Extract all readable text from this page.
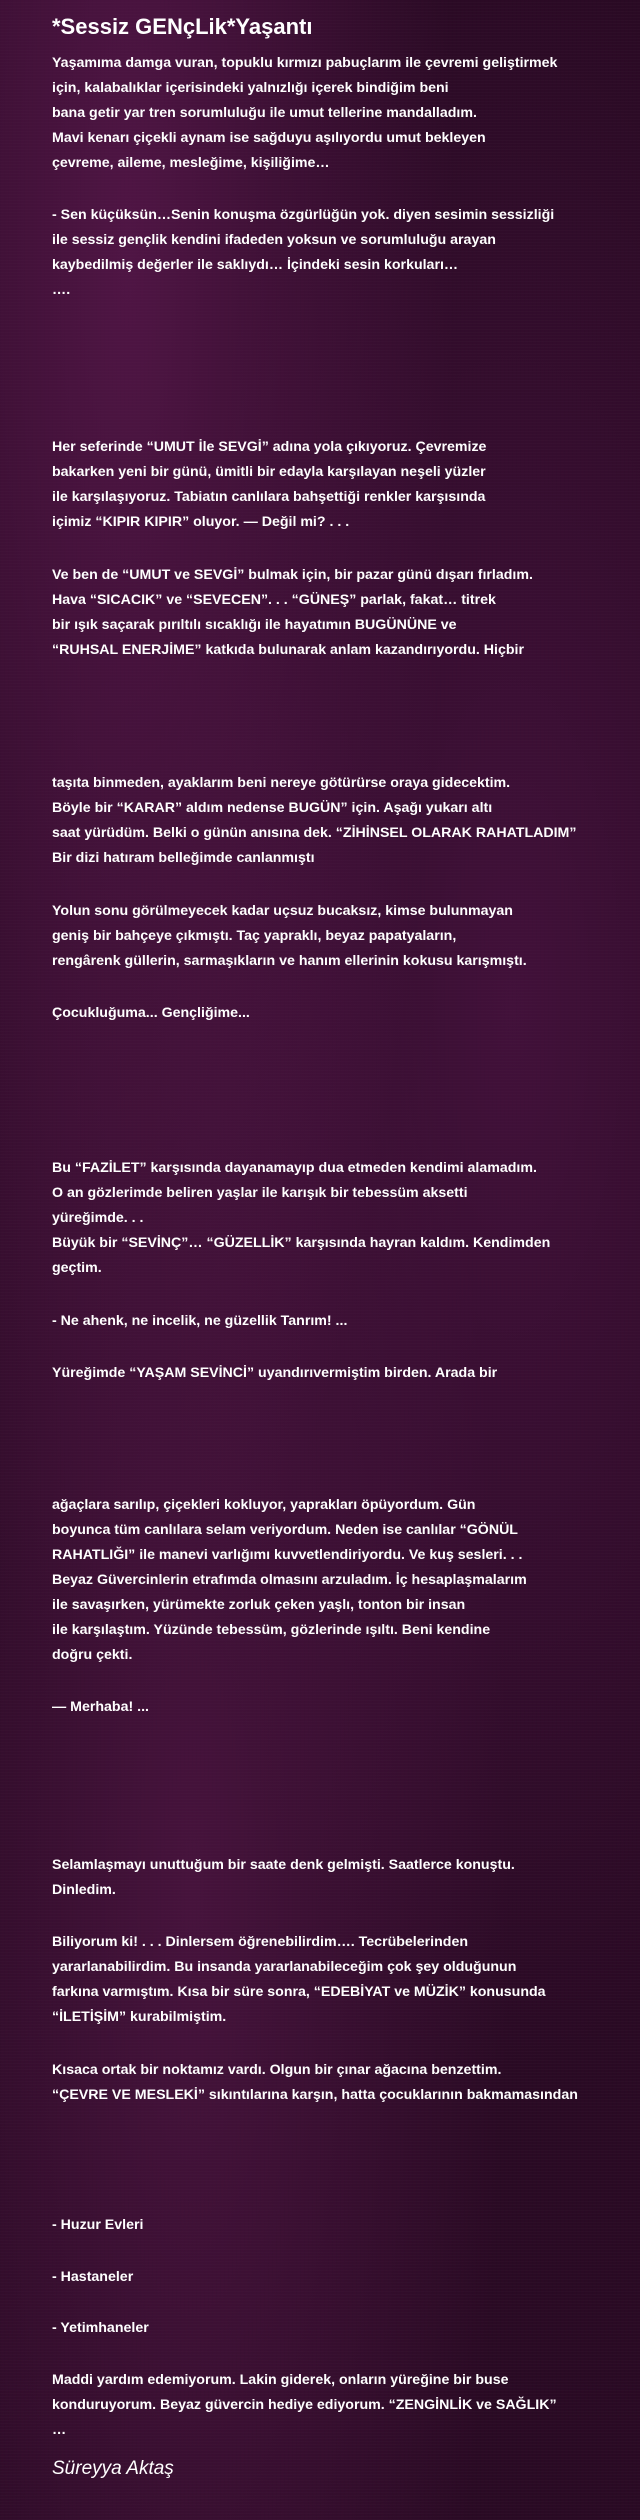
*Sessiz GENçLik*Yaşantı
Yaşamıma damga vuran, topuklu kırmızı pabuçlarım ile çevremi geliştirmek
için, kalabalıklar içerisindeki yalnızlığı içerek bindiğim beni
bana getir yar tren sorumluluğu ile umut tellerine mandalladım.
Mavi kenarı çiçekli aynam ise sağduyu aşılıyordu umut bekleyen
çevreme, aileme, mesleğime, kişiliğime…
- Sen küçüksün…Senin konuşma özgürlüğün yok. diyen sesimin sessizliği
ile sessiz gençlik kendini ifadeden yoksun ve sorumluluğu arayan
kaybedilmiş değerler ile saklıydı… İçindeki sesin korkuları…
….
Her seferinde “UMUT İle SEVGİ” adına yola çıkıyoruz. Çevremize
bakarken yeni bir günü, ümitli bir edayla karşılayan neşeli yüzler
ile karşılaşıyoruz. Tabiatın canlılara bahşettiği renkler karşısında
içimiz “KIPIR KIPIR” oluyor. — Değil mi? . . .
Ve ben de “UMUT ve SEVGİ” bulmak için, bir pazar günü dışarı fırladım.
Hava “SICACIK” ve “SEVECEN”. . . “GÜNEŞ” parlak, fakat… titrek
bir ışık saçarak pırıltılı sıcaklığı ile hayatımın BUGÜNÜNE ve
“RUHSAL ENERJİME” katkıda bulunarak anlam kazandırıyordu. Hiçbir
taşıta binmeden, ayaklarım beni nereye götürürse oraya gidecektim.
Böyle bir “KARAR” aldım nedense BUGÜN” için. Aşağı yukarı altı
saat yürüdüm. Belki o günün anısına dek. “ZİHİNSEL OLARAK RAHATLADIM”
Bir dizi hatıram belleğimde canlanmıştı
Yolun sonu görülmeyecek kadar uçsuz bucaksız, kimse bulunmayan
geniş bir bahçeye çıkmıştı. Taç yapraklı, beyaz papatyaların,
rengârenk güllerin, sarmaşıkların ve hanım ellerinin kokusu karışmıştı.
Çocukluğuma... Gençliğime...
Bu “FAZİLET” karşısında dayanamayıp dua etmeden kendimi alamadım.
O an gözlerimde beliren yaşlar ile karışık bir tebessüm aksetti
yüreğimde. . .
Büyük bir “SEVİNÇ”… “GÜZELLİK” karşısında hayran kaldım. Kendimden
geçtim.
- Ne ahenk, ne incelik, ne güzellik Tanrım! ...
Yüreğimde “YAŞAM SEVİNCİ” uyandırıvermiştim birden. Arada bir
ağaçlara sarılıp, çiçekleri kokluyor, yaprakları öpüyordum. Gün
boyunca tüm canlılara selam veriyordum. Neden ise canlılar “GÖNÜL
RAHATLIĞI” ile manevi varlığımı kuvvetlendiriyordu. Ve kuş sesleri. . .
Beyaz Güvercinlerin etrafımda olmasını arzuladım. İç hesaplaşmalarım
ile savaşırken, yürümekte zorluk çeken yaşlı, tonton bir insan
ile karşılaştım. Yüzünde tebessüm, gözlerinde ışıltı. Beni kendine
doğru çekti.
— Merhaba! ...
Selamlaşmayı unuttuğum bir saate denk gelmişti. Saatlerce konuştu.
Dinledim.
Biliyorum ki! . . . Dinlersem öğrenebilirdim…. Tecrübelerinden
yararlanabilirdim. Bu insanda yararlanabileceğim çok şey olduğunun
farkına varmıştım. Kısa bir süre sonra, “EDEBİYAT ve MÜZİK” konusunda
“İLETİŞİM” kurabilmiştim.
Kısaca ortak bir noktamız vardı. Olgun bir çınar ağacına benzettim.
“ÇEVRE VE MESLEKİ” sıkıntılarına karşın, hatta çocuklarının bakmamasından
- Huzur Evleri
- Hastaneler
- Yetimhaneler
Maddi yardım edemiyorum. Lakin giderek, onların yüreğine bir buse
konduruyorum. Beyaz güvercin hediye ediyorum. “ZENGİNLİK ve SAĞLIK”
…
Süreyya Aktaş
